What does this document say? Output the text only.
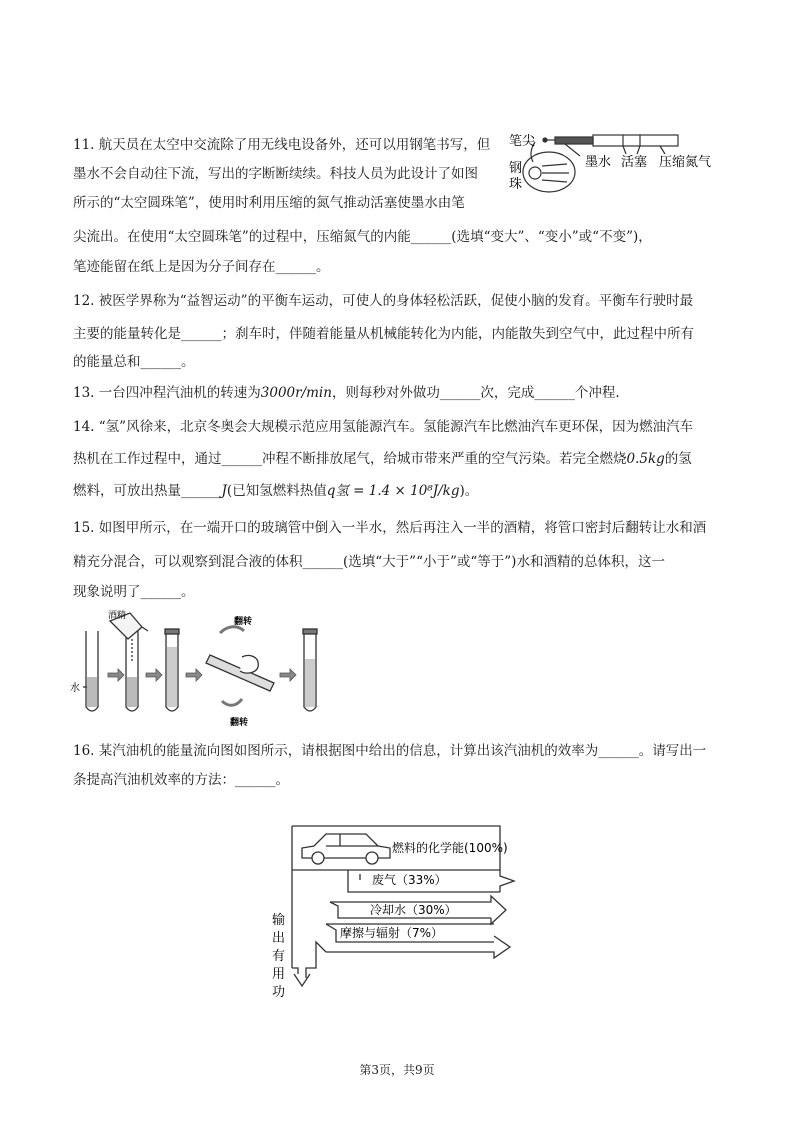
11. 航天员在太空中交流除了用无线电设备外，还可以用钢笔书写，但
墨水不会自动往下流，写出的字断断续续。科技人员为此设计了如图
所示的“太空圆珠笔”，使用时利用压缩的氮气推动活塞使墨水由笔
尖流出。在使用“太空圆珠笔”的过程中，压缩氮气的内能______(选填“变大”、“变小”或“不变”)，
笔迹能留在纸上是因为分子间存在______。
笔尖
钢
珠
墨水 活塞 压缩氮气
12. 被医学界称为“益智运动”的平衡车运动，可使人的身体轻松活跃，促使小脑的发育。平衡车行驶时最
主要的能量转化是______；刹车时，伴随着能量从机械能转化为内能，内能散失到空气中，此过程中所有
的能量总和______。
13. 一台四冲程汽油机的转速为3000r/min，则每秒对外做功______次，完成______个冲程.
14. “氢”风徐来，北京冬奥会大规模示范应用氢能源汽车。氢能源汽车比燃油汽车更环保，因为燃油汽车
热机在工作过程中，通过______冲程不断排放尾气，给城市带来严重的空气污染。若完全燃烧0.5kg的氢
燃料，可放出热量______J(已知氢燃料热值q氢 = 1.4 × 10⁸J/kg)。
15. 如图甲所示，在一端开口的玻璃管中倒入一半水，然后再注入一半的酒精，将管口密封后翻转让水和酒
精充分混合，可以观察到混合液的体积______(选填“大于”“小于”或“等于”)水和酒精的总体积，这一
现象说明了______。
酒精
水
翻转
翻转
16. 某汽油机的能量流向图如图所示，请根据图中给出的信息，计算出该汽油机的效率为______。请写出一
条提高汽油机效率的方法：______。
燃料的化学能(100%)
废气（33%）
冷却水（30%）
摩擦与辐射（7%）
输
出
有
用
功
第3页，共9页
